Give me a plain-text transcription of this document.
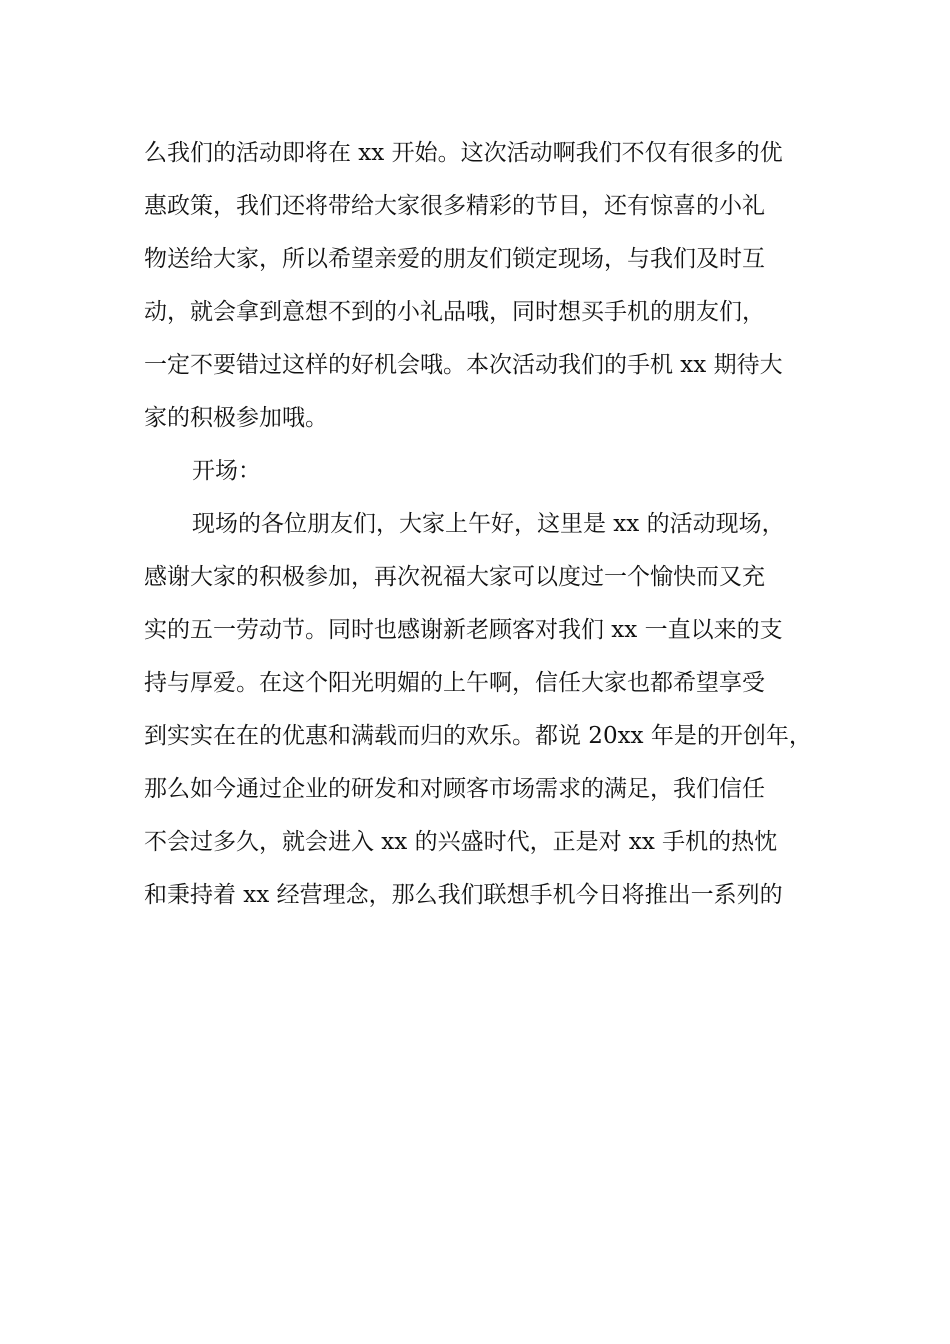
么我们的活动即将在 xx 开始。这次活动啊我们不仅有很多的优
惠政策，我们还将带给大家很多精彩的节目，还有惊喜的小礼
物送给大家，所以希望亲爱的朋友们锁定现场，与我们及时互
动，就会拿到意想不到的小礼品哦，同时想买手机的朋友们，
一定不要错过这样的好机会哦。本次活动我们的手机 xx 期待大
家的积极参加哦。
开场：
现场的各位朋友们，大家上午好，这里是 xx 的活动现场，
感谢大家的积极参加，再次祝福大家可以度过一个愉快而又充
实的五一劳动节。同时也感谢新老顾客对我们 xx 一直以来的支
持与厚爱。在这个阳光明媚的上午啊，信任大家也都希望享受
到实实在在的优惠和满载而归的欢乐。都说 20xx 年是的开创年，
那么如今通过企业的研发和对顾客市场需求的满足，我们信任
不会过多久，就会进入 xx 的兴盛时代，正是对 xx 手机的热忱
和秉持着 xx 经营理念，那么我们联想手机今日将推出一系列的
